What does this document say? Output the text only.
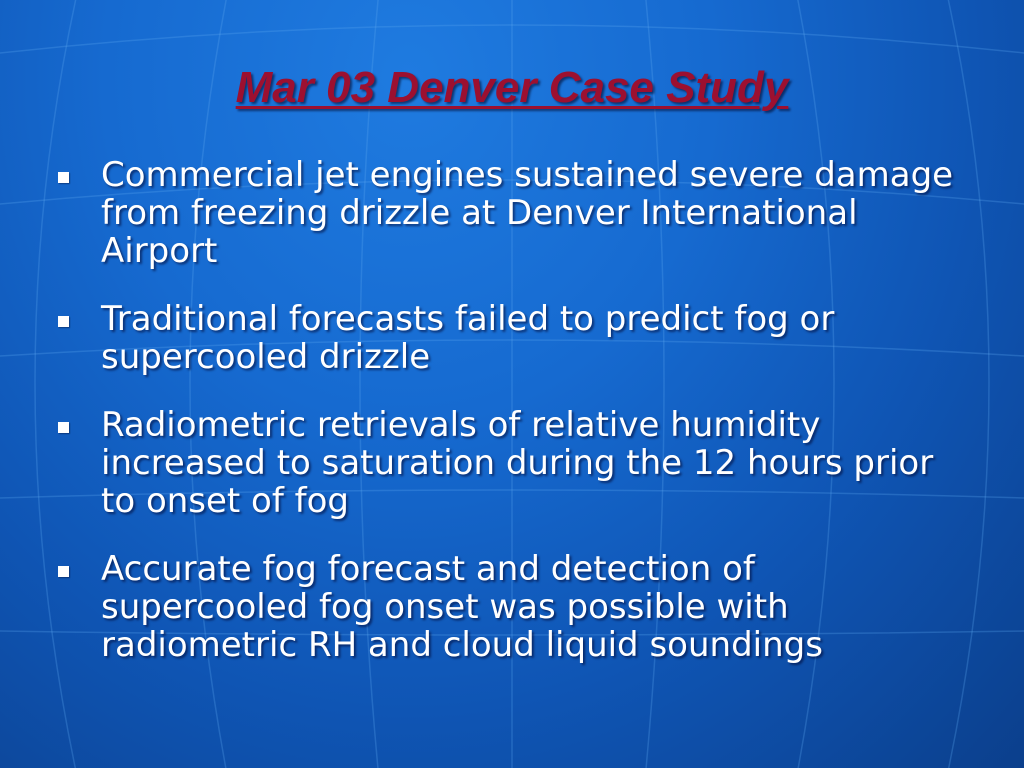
Mar 03 Denver Case Study
Commercial jet engines sustained severe damage from freezing drizzle at Denver International Airport
Traditional forecasts failed to predict fog or supercooled drizzle
Radiometric retrievals of relative humidity increased to saturation during the 12 hours prior to onset of fog
Accurate fog forecast and detection of supercooled fog onset was possible with radiometric RH and cloud liquid soundings
